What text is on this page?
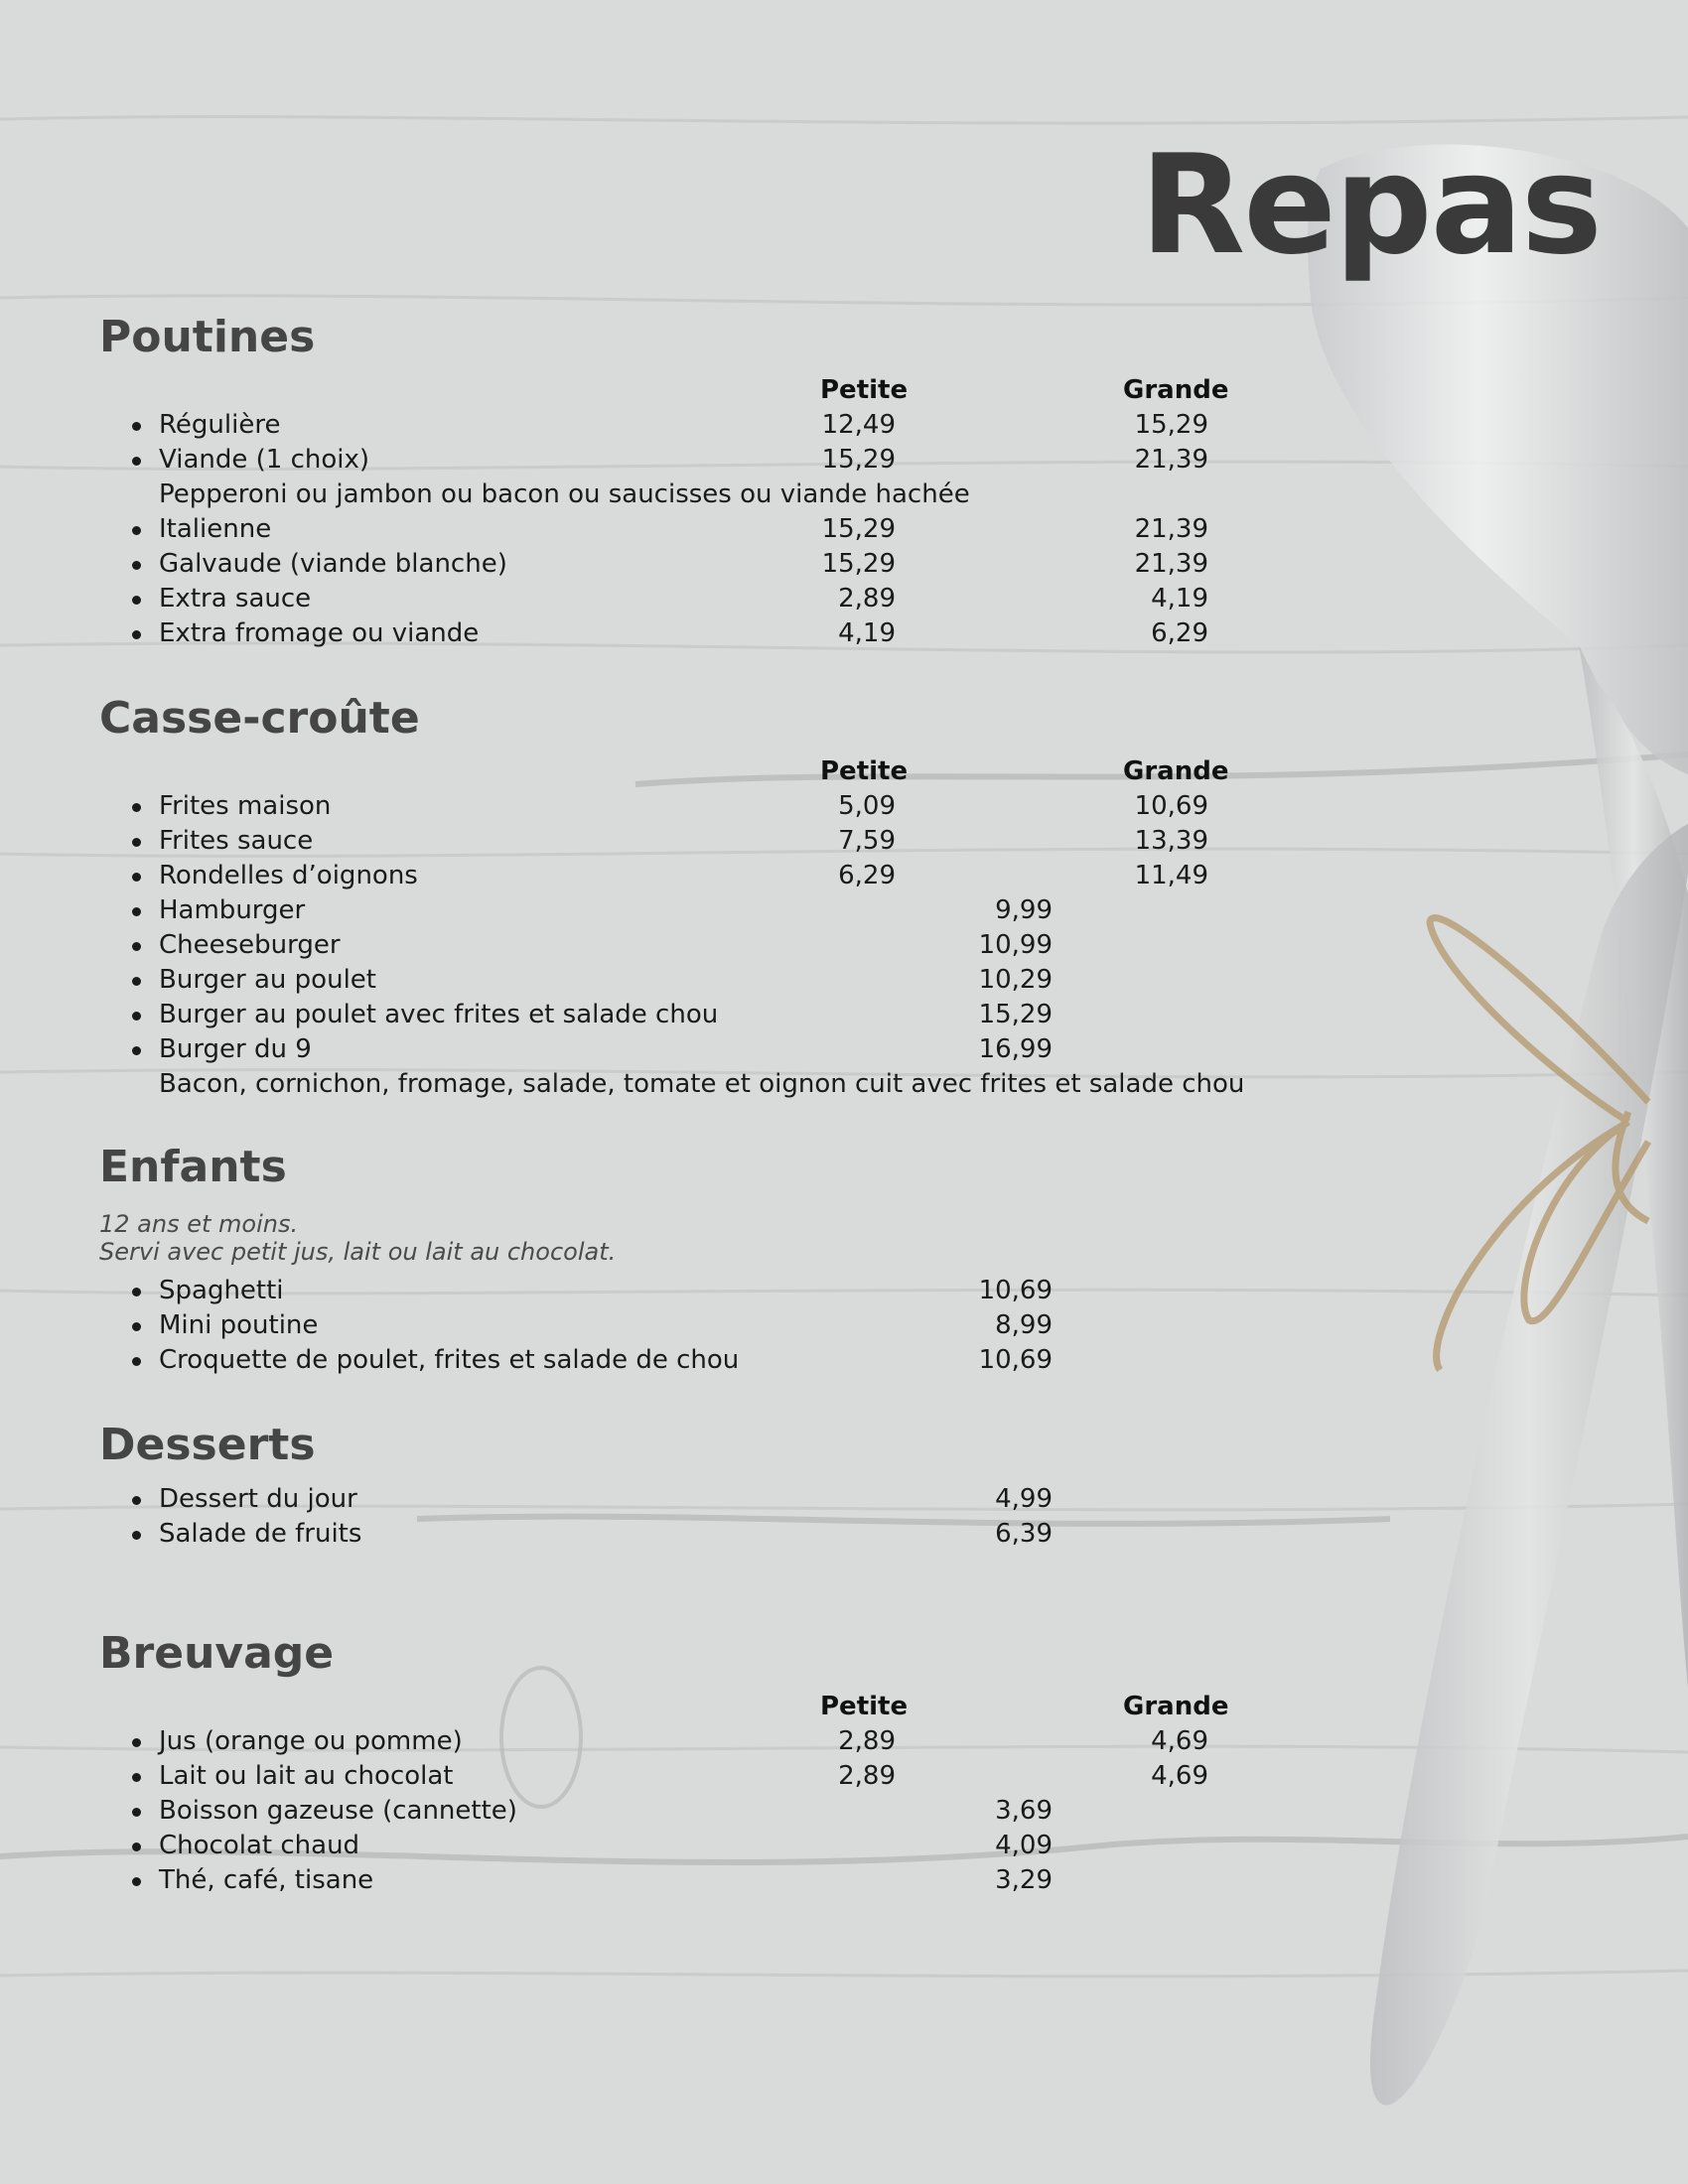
Repas
Poutines
Petite	Grande
Régulière	12,49	15,29
Viande (1 choix)	15,29	21,39
Pepperoni ou jambon ou bacon ou saucisses ou viande hachée
Italienne	15,29	21,39
Galvaude (viande blanche)	15,29	21,39
Extra sauce	2,89	4,19
Extra fromage ou viande	4,19	6,29
Casse-croûte
Petite	Grande
Frites maison	5,09	10,69
Frites sauce	7,59	13,39
Rondelles d’oignons	6,29	11,49
Hamburger	9,99
Cheeseburger	10,99
Burger au poulet	10,29
Burger au poulet avec frites et salade chou	15,29
Burger du 9	16,99
Bacon, cornichon, fromage, salade, tomate et oignon cuit avec frites et salade chou
Enfants
12 ans et moins.
Servi avec petit jus, lait ou lait au chocolat.
Spaghetti	10,69
Mini poutine	8,99
Croquette de poulet, frites et salade de chou	10,69
Desserts
Dessert du jour	4,99
Salade de fruits	6,39
Breuvage
Petite	Grande
Jus (orange ou pomme)	2,89	4,69
Lait ou lait au chocolat	2,89	4,69
Boisson gazeuse (cannette)	3,69
Chocolat chaud	4,09
Thé, café, tisane	3,29
